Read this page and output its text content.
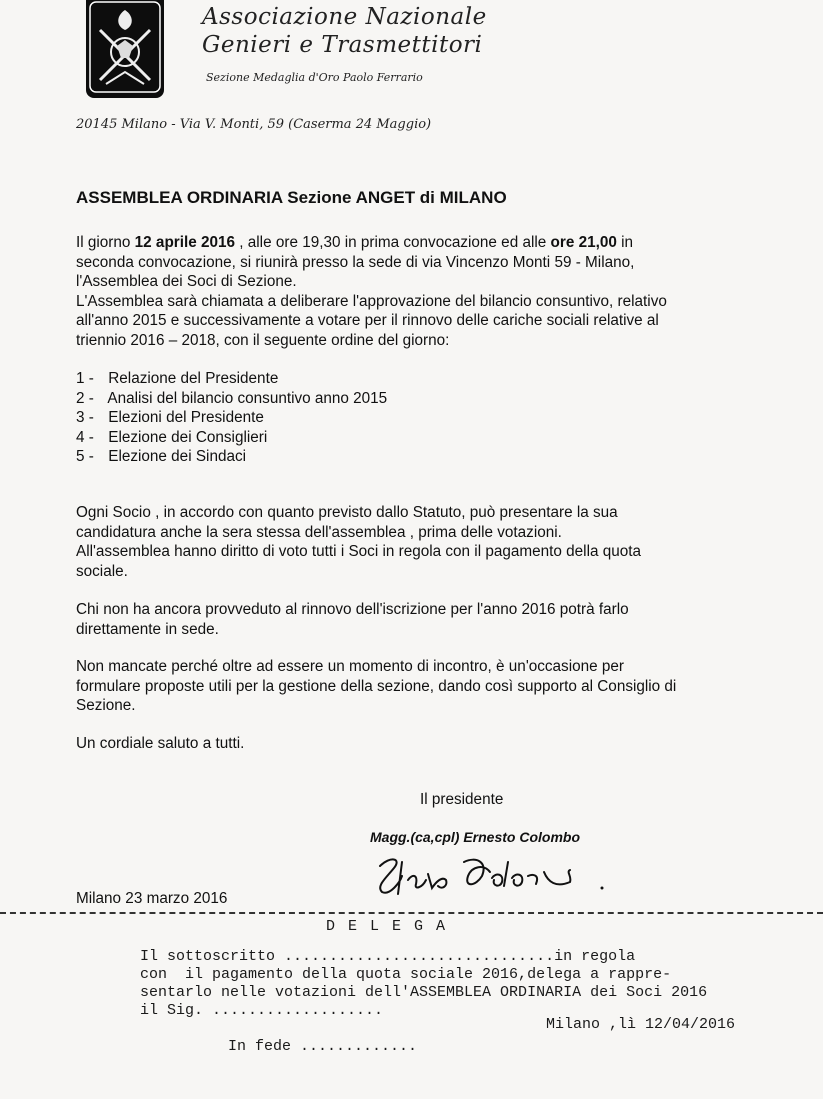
Associazione Nazionale
Genieri e Trasmettitori
Sezione Medaglia d'Oro Paolo Ferrario
20145 Milano - Via V. Monti, 59 (Caserma 24 Maggio)
ASSEMBLEA ORDINARIA Sezione ANGET di MILANO

Il giorno 12 aprile 2016 , alle ore 19,30 in prima convocazione ed alle ore 21,00 in
seconda convocazione, si riunirà presso la sede di via Vincenzo Monti 59 - Milano,
l'Assemblea dei Soci di Sezione.
L'Assemblea sarà chiamata a deliberare l'approvazione del bilancio consuntivo, relativo
all'anno 2015 e successivamente a votare per il rinnovo delle cariche sociali relative al
triennio 2016 – 2018, con il seguente ordine del giorno:

1 - Relazione del Presidente
2 - Analisi del bilancio consuntivo anno 2015
3 - Elezioni del Presidente
4 - Elezione dei Consiglieri
5 - Elezione dei Sindaci

Ogni Socio , in accordo con quanto previsto dallo Statuto, può presentare la sua
candidatura anche la sera stessa dell'assemblea , prima delle votazioni.
All'assemblea hanno diritto di voto tutti i Soci in regola con il pagamento della quota
sociale.

Chi non ha ancora provveduto al rinnovo dell'iscrizione per l'anno 2016 potrà farlo
direttamente in sede.

Non mancate perché oltre ad essere un momento di incontro, è un'occasione per
formulare proposte utili per la gestione della sezione, dando così supporto al Consiglio di
Sezione.

Un cordiale saluto a tutti.
Il presidente
Magg.(ca,cpl) Ernesto Colombo
Milano 23 marzo 2016
D E L E G A
Il sottoscritto ..............................in regola
con  il pagamento della quota sociale 2016,delega a rappre-
sentarlo nelle votazioni dell'ASSEMBLEA ORDINARIA dei Soci 2016
il Sig. ...................
Milano ,lì 12/04/2016
In fede .............
